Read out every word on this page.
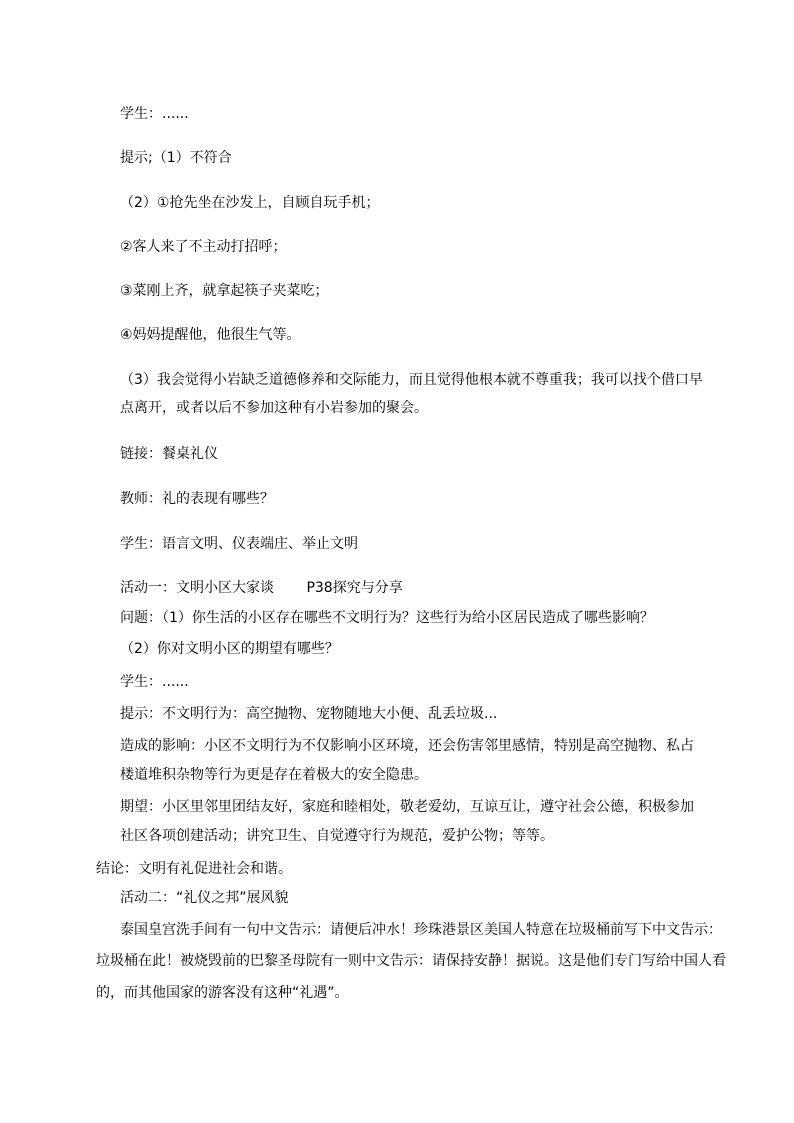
学生：......
提示;（1）不符合
（2）①抢先坐在沙发上，自顾自玩手机；
②客人来了不主动打招呼；
③菜刚上齐，就拿起筷子夹菜吃；
④妈妈提醒他，他很生气等。
（3）我会觉得小岩缺乏道德修养和交际能力，而且觉得他根本就不尊重我；我可以找个借口早
点离开，或者以后不参加这种有小岩参加的聚会。
链接：餐桌礼仪
教师：礼的表现有哪些？
学生：语言文明、仪表端庄、举止文明
活动一：文明小区大家谈　　 P38探究与分享
问题：（1）你生活的小区存在哪些不文明行为？这些行为给小区居民造成了哪些影响？
（2）你对文明小区的期望有哪些？
学生：......
提示：不文明行为：高空抛物、宠物随地大小便、乱丢垃圾...
造成的影响：小区不文明行为不仅影响小区环境，还会伤害邻里感情，特别是高空抛物、私占
楼道堆积杂物等行为更是存在着极大的安全隐患。
期望：小区里邻里团结友好，家庭和睦相处，敬老爱幼，互谅互让，遵守社会公德，积极参加
社区各项创建活动；讲究卫生、自觉遵守行为规范，爱护公物；等等。
结论：文明有礼促进社会和谐。
活动二：“礼仪之邦”展风貌
泰国皇宫洗手间有一句中文告示：请便后冲水！珍珠港景区美国人特意在垃圾桶前写下中文告示：
垃圾桶在此！被烧毁前的巴黎圣母院有一则中文告示：请保持安静！据说。这是他们专门写给中国人看
的，而其他国家的游客没有这种“礼遇”。
